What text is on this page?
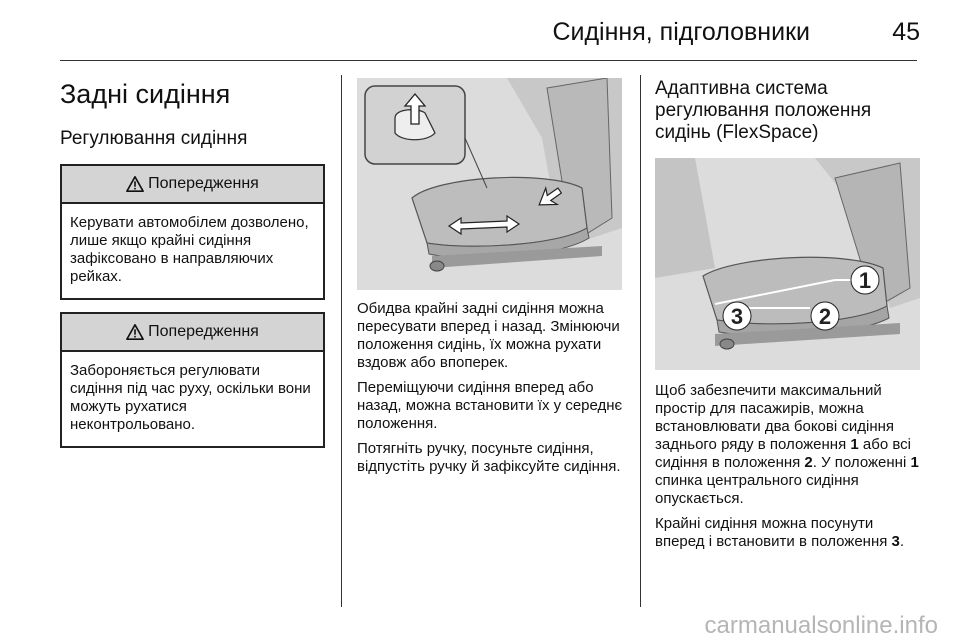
Сидіння, підголовники	45
Задні сидіння
Регулювання сидіння
Попередження
Керувати автомобілем дозволено, лише якщо крайні сидіння зафіксовано в направляючих рейках.
Попередження
Забороняється регулювати сидіння під час руху, оскільки вони можуть рухатися неконтрольовано.

Обидва крайні задні сидіння можна пересувати вперед і назад. Змінюючи положення сидінь, їх можна рухати вздовж або впоперек.

Переміщуючи сидіння вперед або назад, можна встановити їх у середнє положення.

Потягніть ручку, посуньте сидіння, відпустіть ручку й зафіксуйте сидіння.

Адаптивна система регулювання положення сидінь (FlexSpace)
1
2
3

Щоб забезпечити максимальний простір для пасажирів, можна встановлювати два бокові сидіння заднього ряду в положення 1 або всі сидіння в положення 2. У положенні 1 спинка центрального сидіння опускається.

Крайні сидіння можна посунути вперед і встановити в положення 3.

carmanualsonline.info
